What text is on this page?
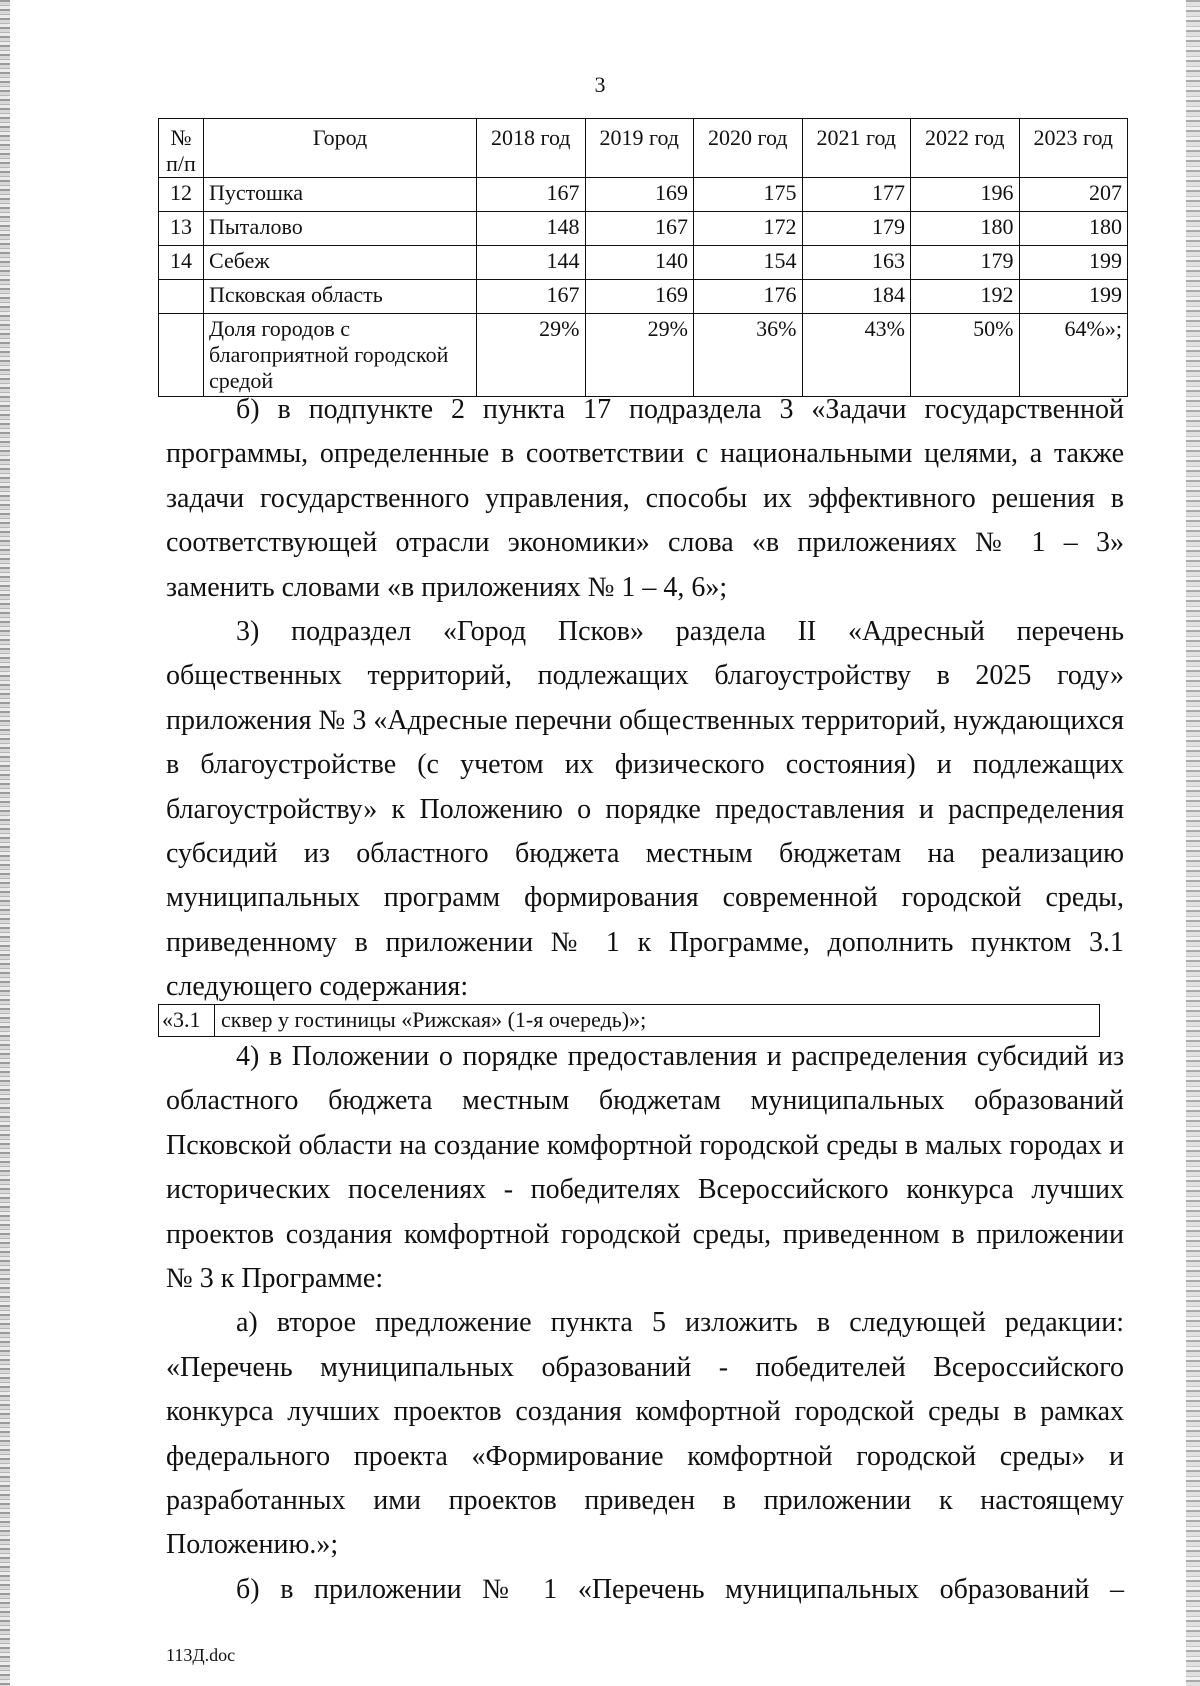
3
№ п/п	Город	2018 год	2019 год	2020 год	2021 год	2022 год	2023 год
12	Пустошка	167	169	175	177	196	207
13	Пыталово	148	167	172	179	180	180
14	Себеж	144	140	154	163	179	199
	Псковская область	167	169	176	184	192	199
	Доля городов с благоприятной городской средой	29%	29%	36%	43%	50%	64%»;

б) в подпункте 2 пункта 17 подраздела 3 «Задачи государственной программы, определенные в соответствии с национальными целями, а также задачи государственного управления, способы их эффективного решения в соответствующей отрасли экономики» слова «в приложениях № 1 – 3» заменить словами «в приложениях № 1 – 4, 6»;

3) подраздел «Город Псков» раздела II «Адресный перечень общественных территорий, подлежащих благоустройству в 2025 году» приложения № 3 «Адресные перечни общественных территорий, нуждающихся в благоустройстве (с учетом их физического состояния) и подлежащих благоустройству» к Положению о порядке предоставления и распределения субсидий из областного бюджета местным бюджетам на реализацию муниципальных программ формирования современной городской среды, приведенному в приложении № 1 к Программе, дополнить пунктом 3.1 следующего содержания:

«3.1 сквер у гостиницы «Рижская» (1-я очередь)»;

4) в Положении о порядке предоставления и распределения субсидий из областного бюджета местным бюджетам муниципальных образований Псковской области на создание комфортной городской среды в малых городах и исторических поселениях - победителях Всероссийского конкурса лучших проектов создания комфортной городской среды, приведенном в приложении № 3 к Программе:

а) второе предложение пункта 5 изложить в следующей редакции: «Перечень муниципальных образований - победителей Всероссийского конкурса лучших проектов создания комфортной городской среды в рамках федерального проекта «Формирование комфортной городской среды» и разработанных ими проектов приведен в приложении к настоящему Положению.»;

б) в приложении № 1 «Перечень муниципальных образований –

113Д.doc
